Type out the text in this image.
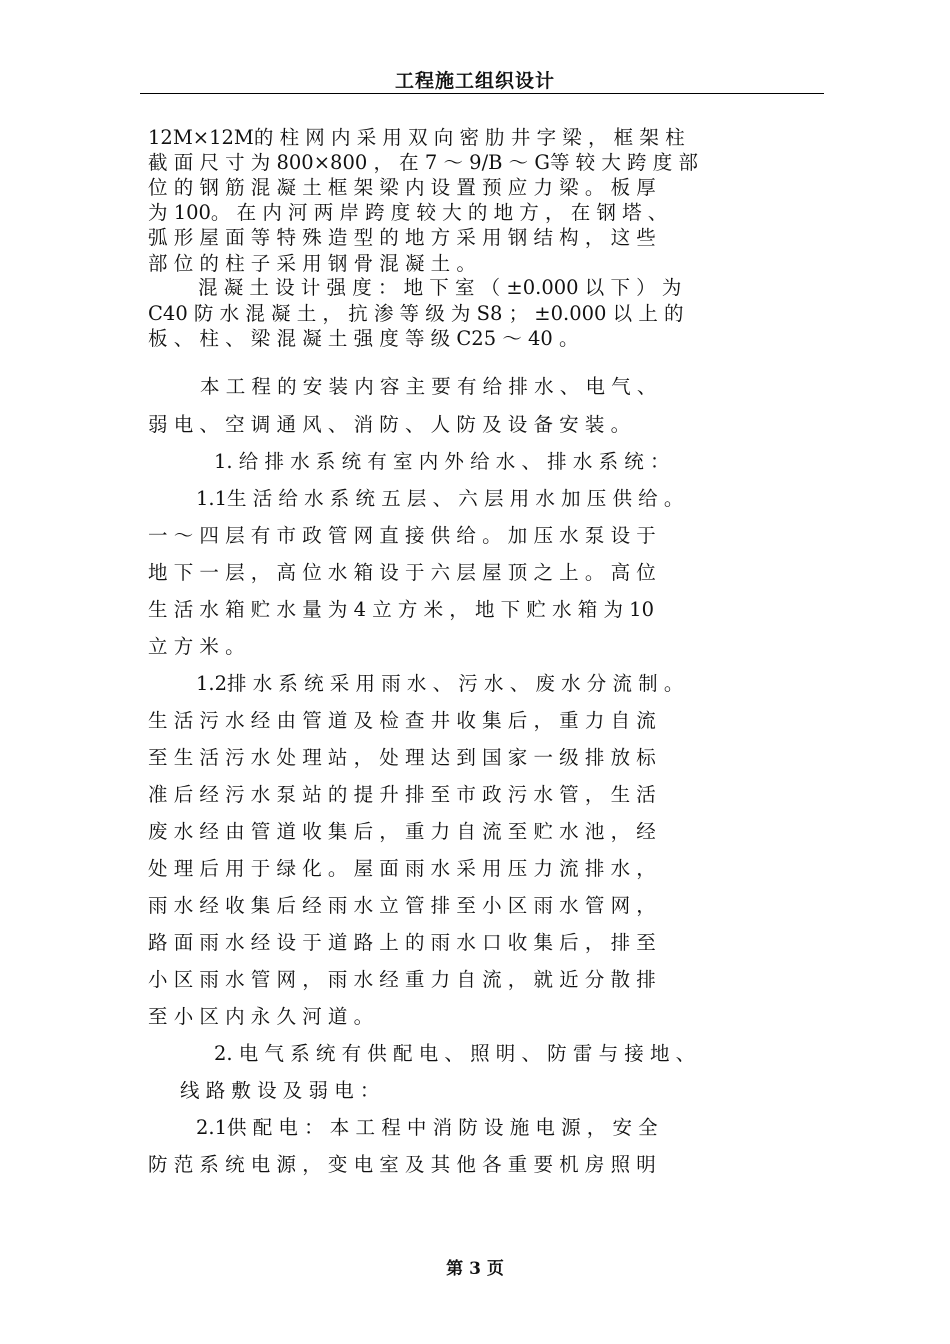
工程施工组织设计
12M×12M的 柱 网 内 采 用 双 向 密 肋 井 字 梁 ， 框 架 柱
截 面 尺 寸 为 800×800 ， 在 7 ～ 9/B ～ G等 较 大 跨 度 部
位 的 钢 筋 混 凝 土 框 架 梁 内 设 置 预 应 力 梁 。 板 厚
为 100。 在 内 河 两 岸 跨 度 较 大 的 地 方 ， 在 钢 塔 、
弧 形 屋 面 等 特 殊 造 型 的 地 方 采 用 钢 结 构 ， 这 些
部 位 的 柱 子 采 用 钢 骨 混 凝 土 。
混 凝 土 设 计 强 度 ： 地 下 室 （ ±0.000 以 下 ） 为
C40 防 水 混 凝 土 ， 抗 渗 等 级 为 S8 ； ±0.000 以 上 的
板 、 柱 、 梁 混 凝 土 强 度 等 级 C25 ～ 40 。
本 工 程 的 安 装 内 容 主 要 有 给 排 水 、 电 气 、
弱 电 、 空 调 通 风 、 消 防 、 人 防 及 设 备 安 装 。
1. 给 排 水 系 统 有 室 内 外 给 水 、 排 水 系 统 ：
1.1生 活 给 水 系 统 五 层 、 六 层 用 水 加 压 供 给 。
一 ～ 四 层 有 市 政 管 网 直 接 供 给 。 加 压 水 泵 设 于
地 下 一 层 ， 高 位 水 箱 设 于 六 层 屋 顶 之 上 。 高 位
生 活 水 箱 贮 水 量 为 4 立 方 米 ， 地 下 贮 水 箱 为 10
立 方 米 。
1.2排 水 系 统 采 用 雨 水 、 污 水 、 废 水 分 流 制 。
生 活 污 水 经 由 管 道 及 检 查 井 收 集 后 ， 重 力 自 流
至 生 活 污 水 处 理 站 ， 处 理 达 到 国 家 一 级 排 放 标
准 后 经 污 水 泵 站 的 提 升 排 至 市 政 污 水 管 ， 生 活
废 水 经 由 管 道 收 集 后 ， 重 力 自 流 至 贮 水 池 ， 经
处 理 后 用 于 绿 化 。 屋 面 雨 水 采 用 压 力 流 排 水 ，
雨 水 经 收 集 后 经 雨 水 立 管 排 至 小 区 雨 水 管 网 ，
路 面 雨 水 经 设 于 道 路 上 的 雨 水 口 收 集 后 ， 排 至
小 区 雨 水 管 网 ， 雨 水 经 重 力 自 流 ， 就 近 分 散 排
至 小 区 内 永 久 河 道 。
2. 电 气 系 统 有 供 配 电 、 照 明 、 防 雷 与 接 地 、
线 路 敷 设 及 弱 电 ：
2.1供 配 电 ： 本 工 程 中 消 防 设 施 电 源 ， 安 全
防 范 系 统 电 源 ， 变 电 室 及 其 他 各 重 要 机 房 照 明
第 3 页
